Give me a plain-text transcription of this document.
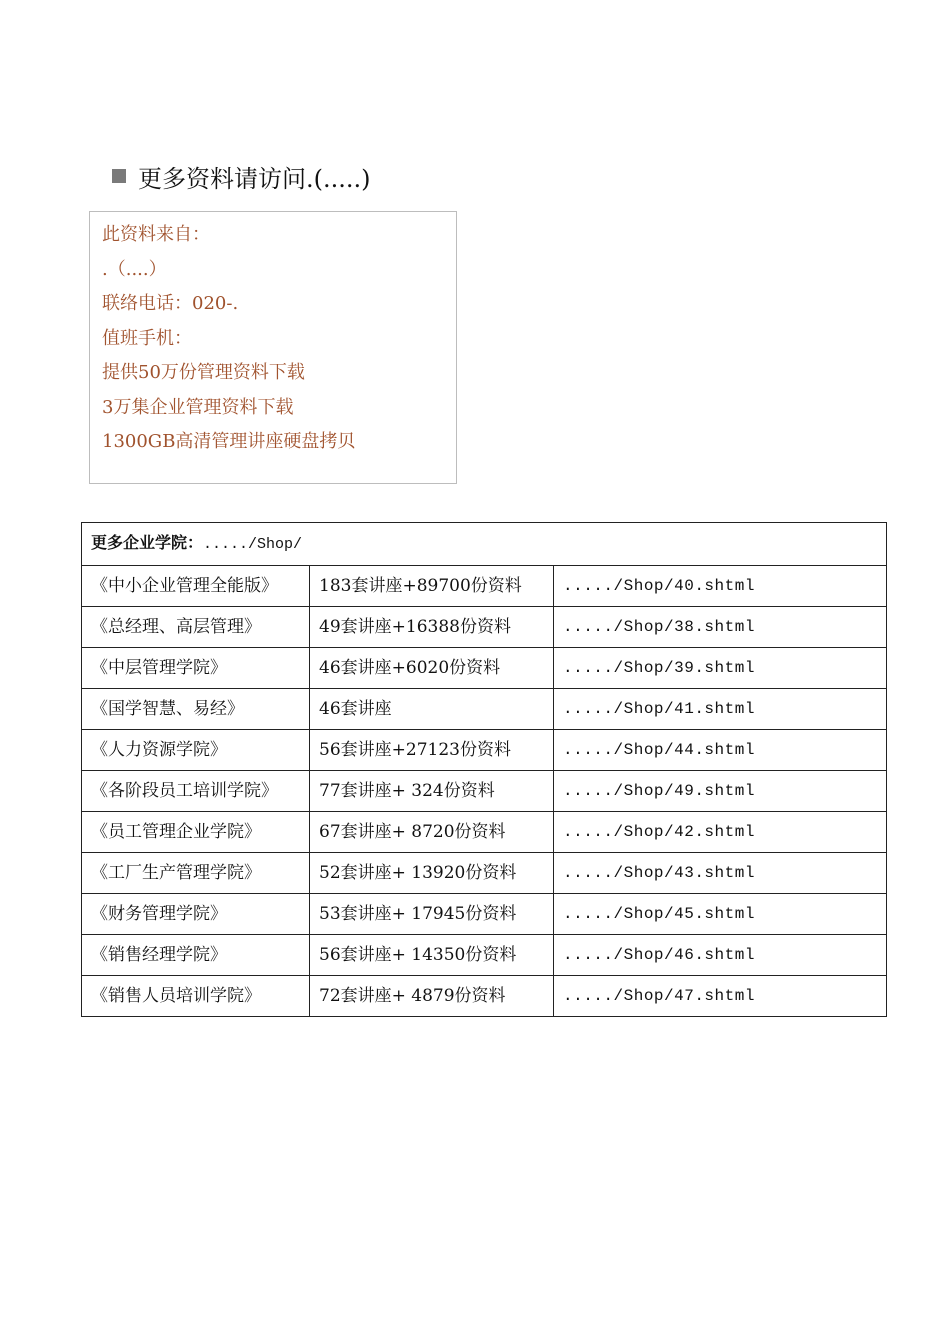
更多资料请访问.(.....)
此资料来自：
.（....）
联络电话：020-.
值班手机：
提供50万份管理资料下载
3万集企业管理资料下载
1300GB高清管理讲座硬盘拷贝
更多企业学院：...../Shop/		
《中小企业管理全能版》	183套讲座+89700份资料	...../Shop/40.shtml
《总经理、高层管理》	49套讲座+16388份资料	...../Shop/38.shtml
《中层管理学院》	46套讲座+6020份资料	...../Shop/39.shtml
《国学智慧、易经》	46套讲座	...../Shop/41.shtml
《人力资源学院》	56套讲座+27123份资料	...../Shop/44.shtml
《各阶段员工培训学院》	77套讲座+ 324份资料	...../Shop/49.shtml
《员工管理企业学院》	67套讲座+ 8720份资料	...../Shop/42.shtml
《工厂生产管理学院》	52套讲座+ 13920份资料	...../Shop/43.shtml
《财务管理学院》	53套讲座+ 17945份资料	...../Shop/45.shtml
《销售经理学院》	56套讲座+ 14350份资料	...../Shop/46.shtml
《销售人员培训学院》	72套讲座+ 4879份资料	...../Shop/47.shtml
